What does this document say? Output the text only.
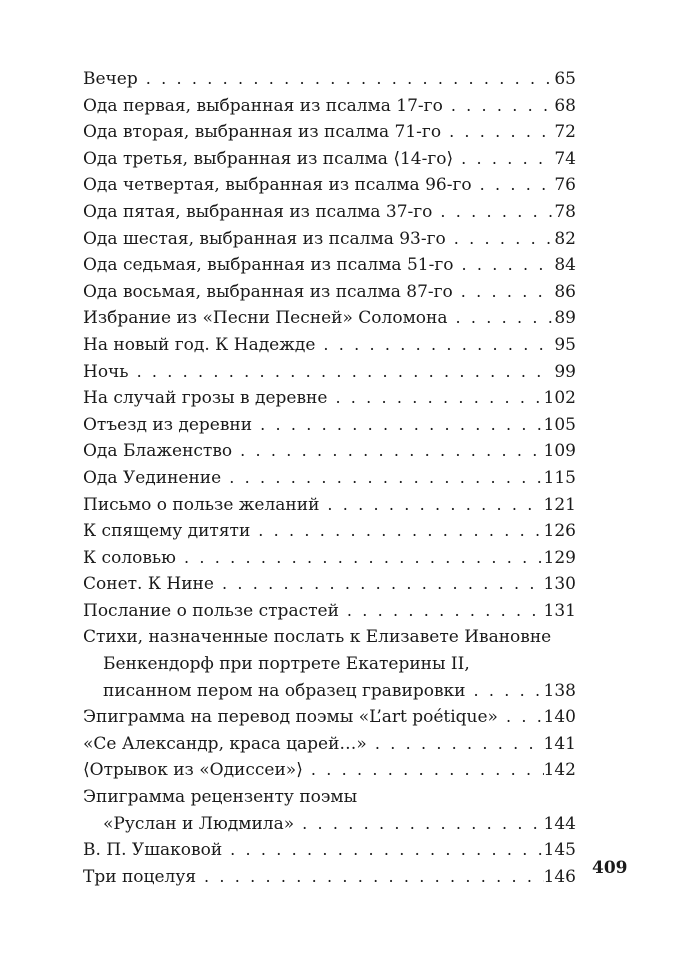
Вечер . . .	65
Ода первая, выбранная из псалма 17-го . . .	68
Ода вторая, выбранная из псалма 71-го . . .	72
Ода третья, выбранная из псалма ⟨14-го⟩ . . .	74
Ода четвертая, выбранная из псалма 96-го . . .	76
Ода пятая, выбранная из псалма 37-го . . .	78
Ода шестая, выбранная из псалма 93-го . . .	82
Ода седьмая, выбранная из псалма 51-го . . .	84
Ода восьмая, выбранная из псалма 87-го . . .	86
Избрание из «Песни Песней» Соломона . . .	89
На новый год. К Надежде . . .	95
Ночь . . .	99
На случай грозы в деревне . . .	102
Отъезд из деревни . . .	105
Ода Блаженство . . .	109
Ода Уединение . . .	115
Письмо о пользе желаний . . .	121
К спящему дитяти . . .	126
К соловью . . .	129
Сонет. К Нине . . .	130
Послание о пользе страстей . . .	131
Стихи, назначенные послать к Елизавете Ивановне
Бенкендорф при портрете Екатерины II,
писанном пером на образец гравировки . . .	138
Эпиграмма на перевод поэмы «L’art poétique» . . .	140
«Се Александр, краса царей…» . . .	141
⟨Отрывок из «Одиссеи»⟩ . . .	142
Эпиграмма рецензенту поэмы
«Руслан и Людмила» . . .	144
В. П. Ушаковой . . .	145
Три поцелуя . . .	146 409
